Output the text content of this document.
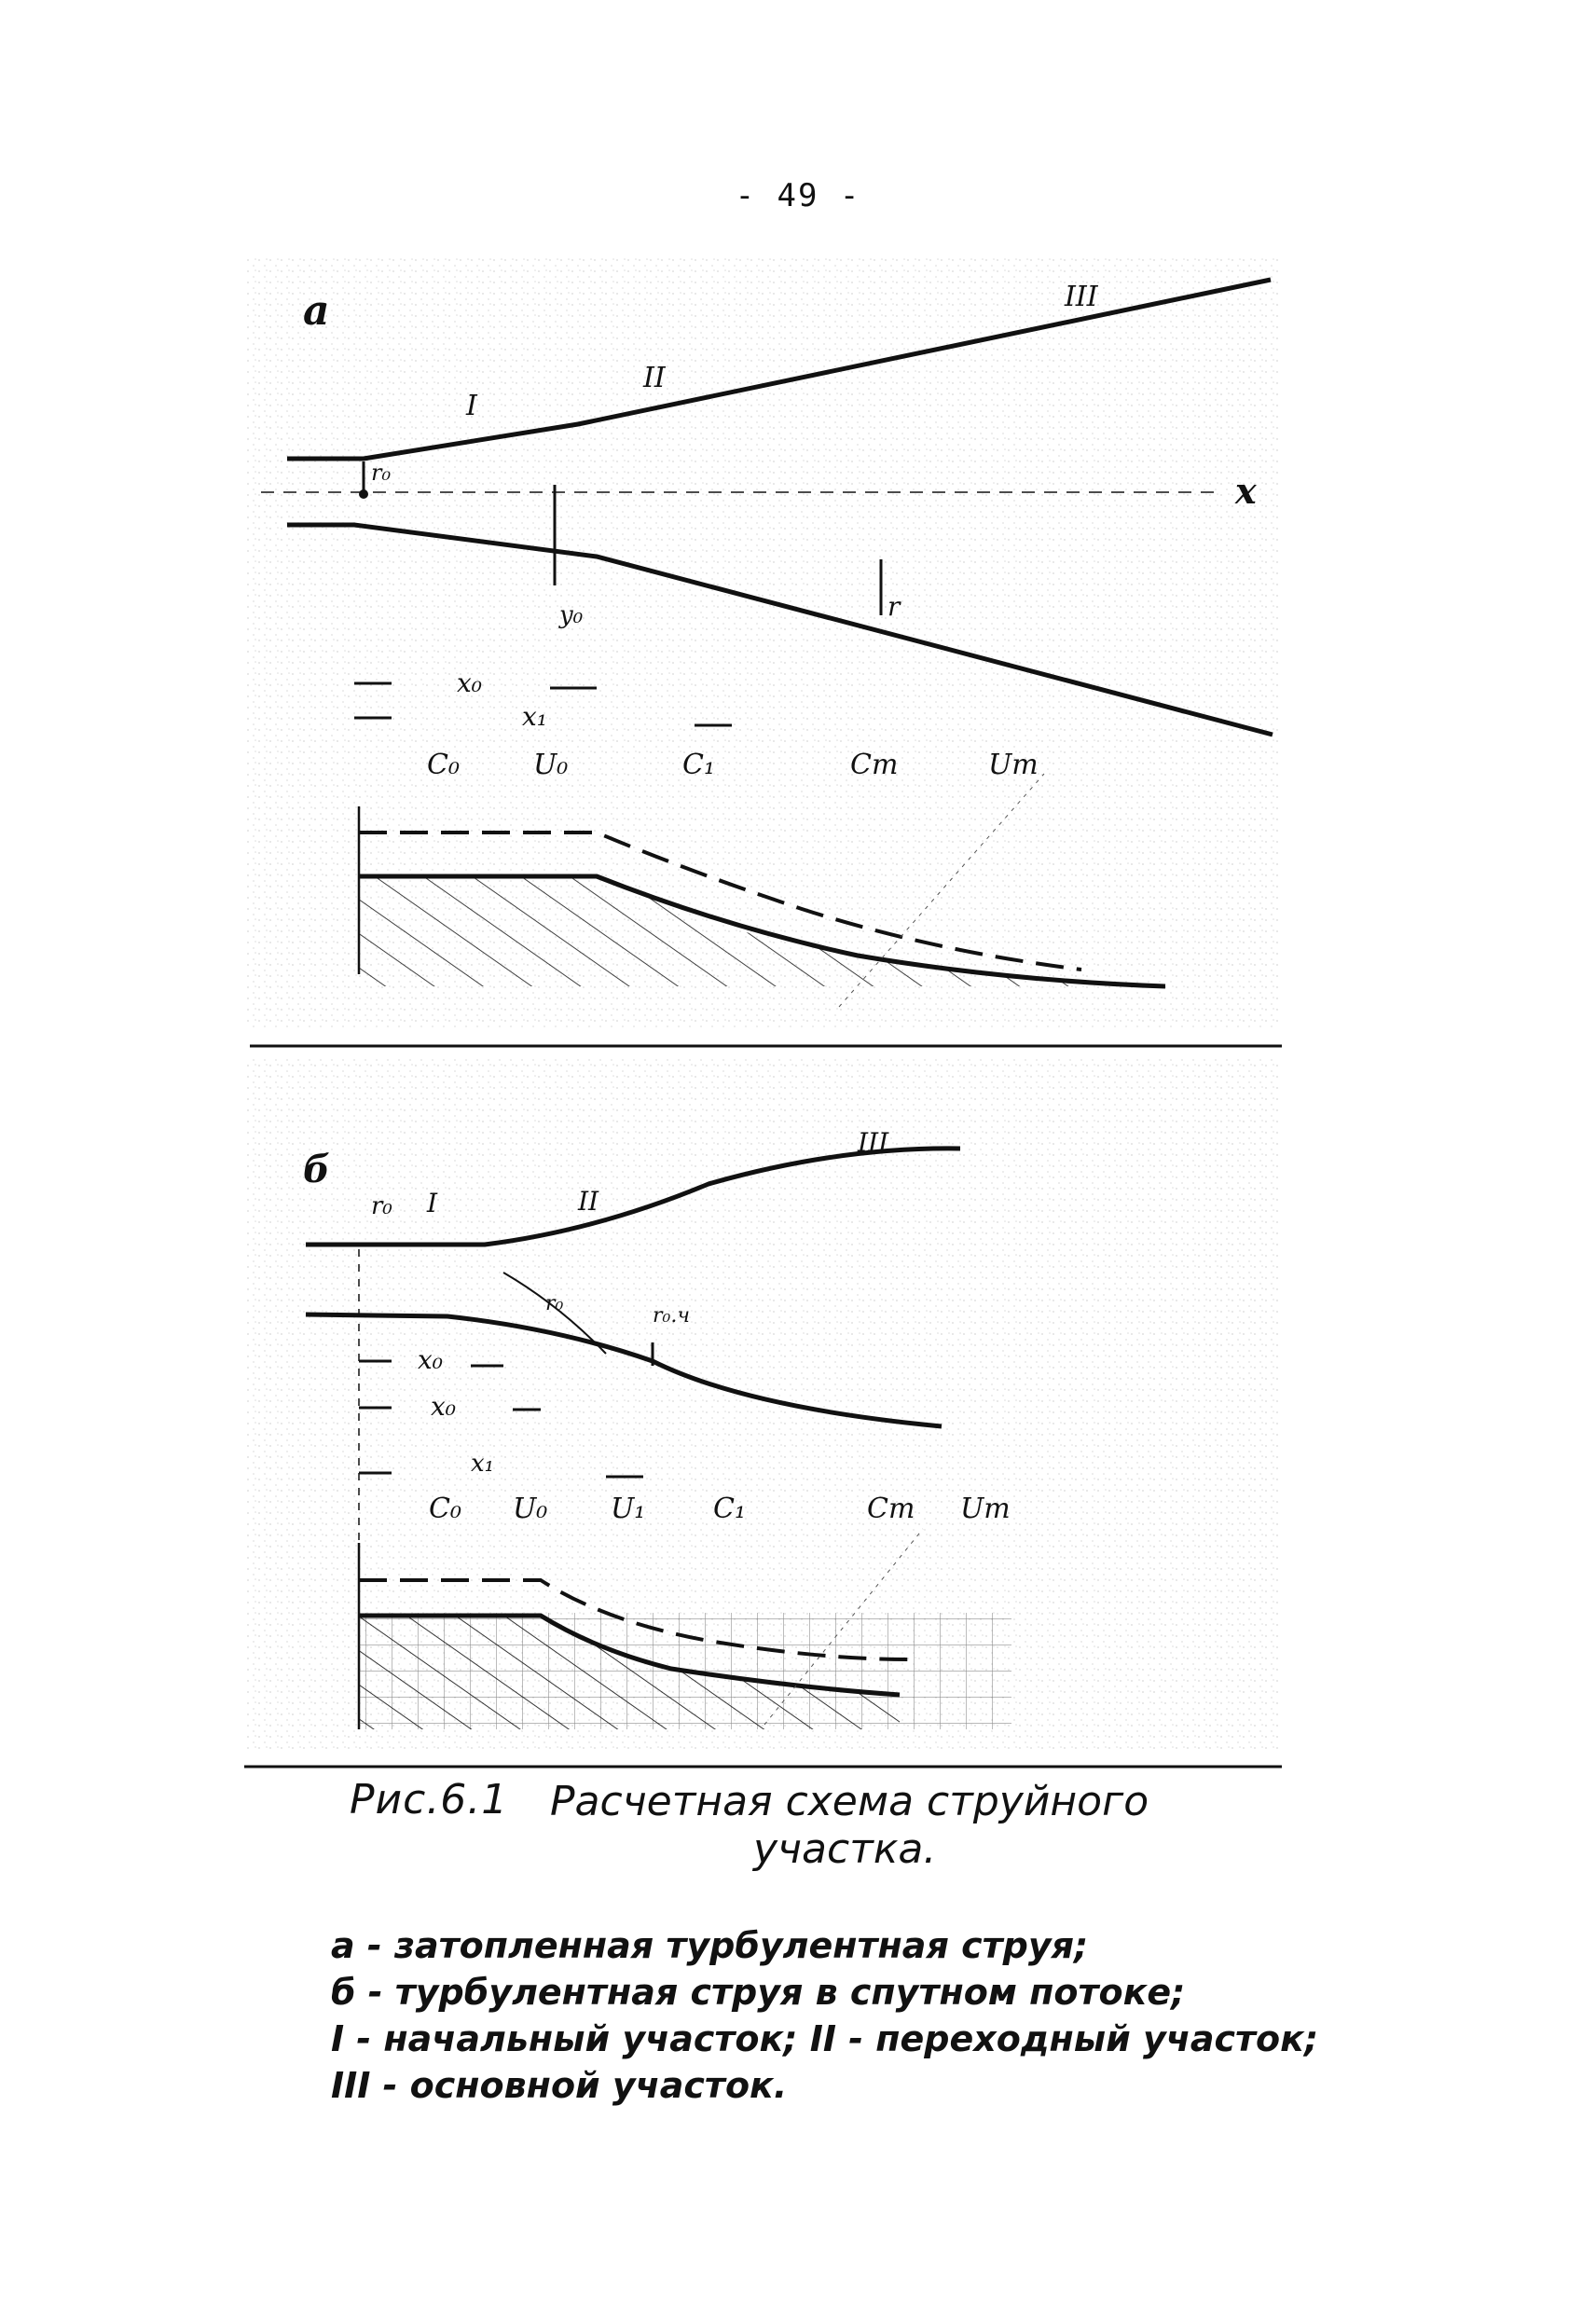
- 49 -
а
I
II
III
x
r₀
r
y₀
x₀
x₁
C₀	U₀	C₁	Cm	Um
б
r₀ I	II
III
r₀
r₀.ч
x₀
x₀
x₁
C₀ U₀ U₁ C₁	Cm Um
Рис.6.1 Расчетная схема струйного
участка.
а - затопленная турбулентная струя;
б - турбулентная струя в спутном потоке;
I - начальный участок; II - переходный участок;
III - основной участок.
